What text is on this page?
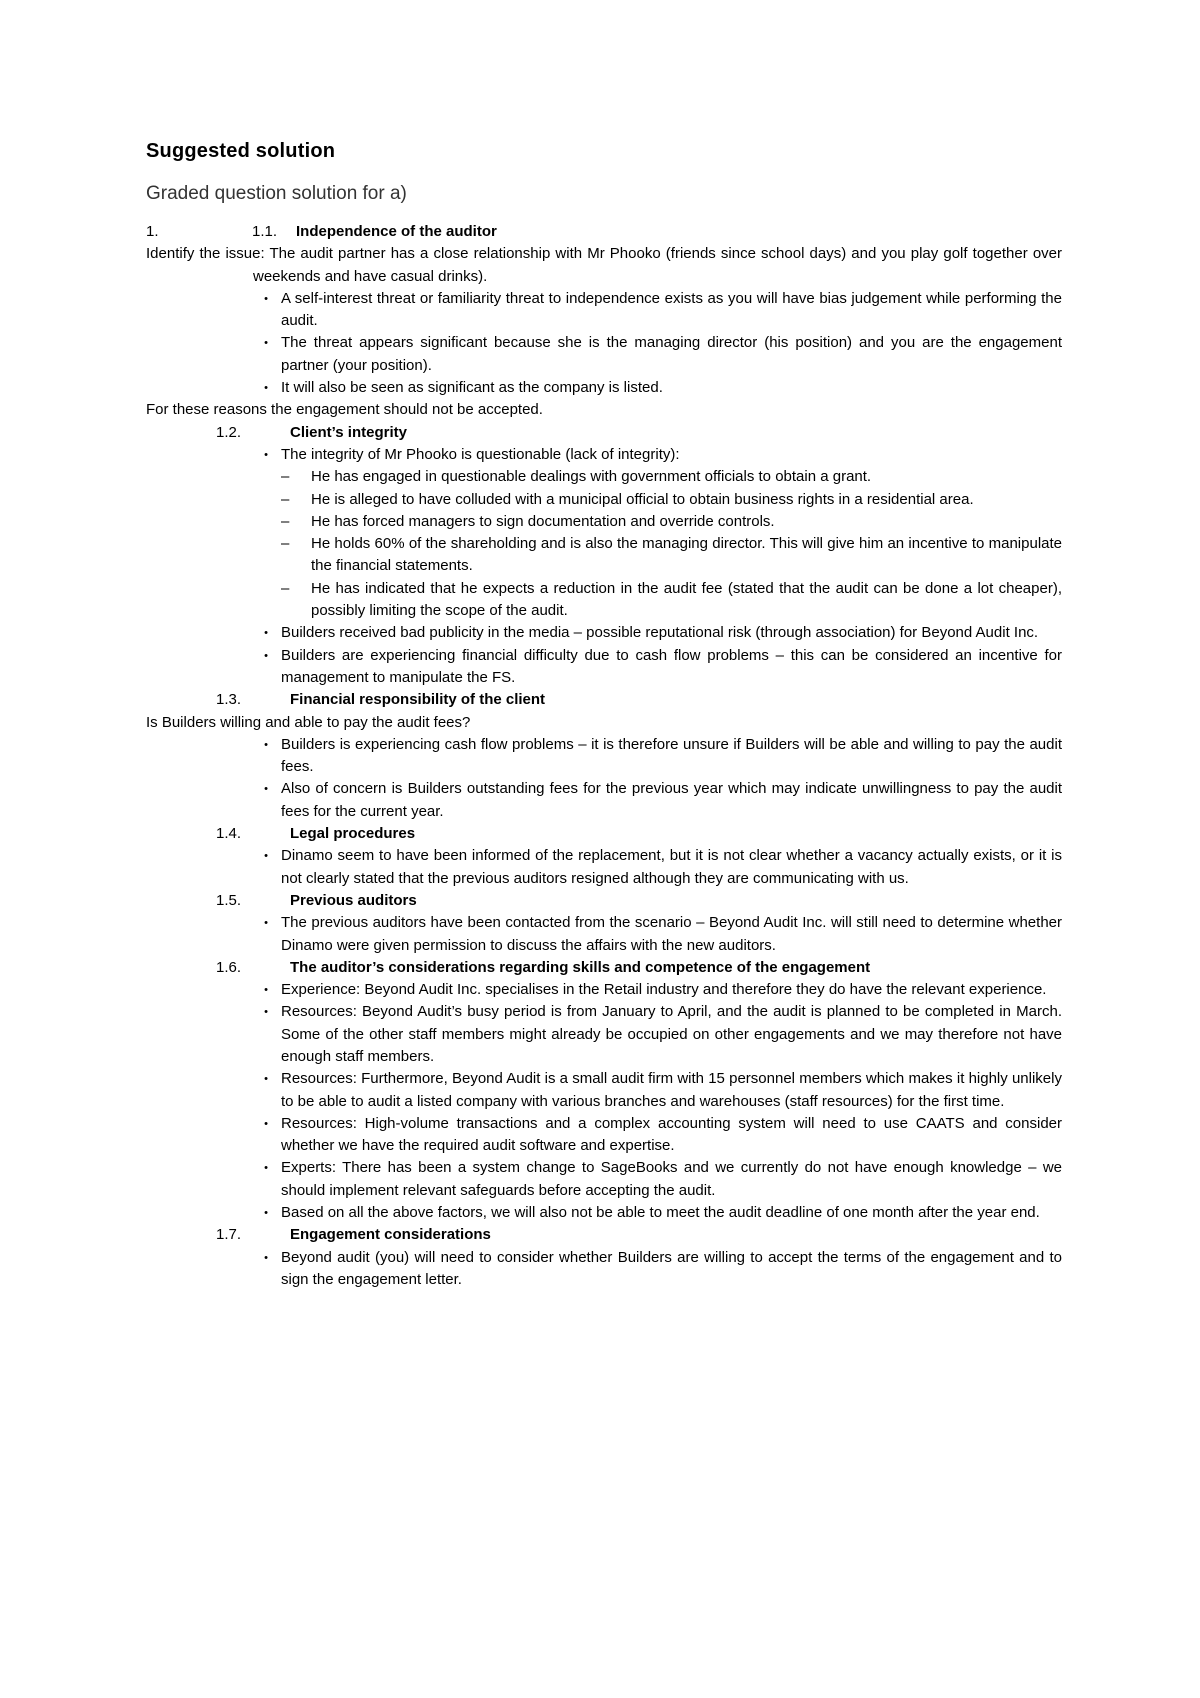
Suggested solution
Graded question solution for a)
1.	1.1.	Independence of the auditor

Identify the issue: The audit partner has a close relationship with Mr Phooko (friends since school days) and you play golf together over weekends and have casual drinks).

• A self-interest threat or familiarity threat to independence exists as you will have bias judgement while performing the audit.
• The threat appears significant because she is the managing director (his position) and you are the engagement partner (your position).
• It will also be seen as significant as the company is listed.

For these reasons the engagement should not be accepted.

1.2.	Client’s integrity
• The integrity of Mr Phooko is questionable (lack of integrity):
–	He has engaged in questionable dealings with government officials to obtain a grant.
–	He is alleged to have colluded with a municipal official to obtain business rights in a residential area.
–	He has forced managers to sign documentation and override controls.
–	He holds 60% of the shareholding and is also the managing director. This will give him an incentive to manipulate the financial statements.
–	He has indicated that he expects a reduction in the audit fee (stated that the audit can be done a lot cheaper), possibly limiting the scope of the audit.
• Builders received bad publicity in the media – possible reputational risk (through association) for Beyond Audit Inc.
• Builders are experiencing financial difficulty due to cash flow problems – this can be considered an incentive for management to manipulate the FS.
1.3.	Financial responsibility of the client

Is Builders willing and able to pay the audit fees?

• Builders is experiencing cash flow problems – it is therefore unsure if Builders will be able and willing to pay the audit fees.
• Also of concern is Builders outstanding fees for the previous year which may indicate unwillingness to pay the audit fees for the current year.
1.4.	Legal procedures
• Dinamo seem to have been informed of the replacement, but it is not clear whether a vacancy actually exists, or it is not clearly stated that the previous auditors resigned although they are communicating with us.
1.5.	Previous auditors
• The previous auditors have been contacted from the scenario – Beyond Audit Inc. will still need to determine whether Dinamo were given permission to discuss the affairs with the new auditors.
1.6.	The auditor’s considerations regarding skills and competence of the engagement
• Experience: Beyond Audit Inc. specialises in the Retail industry and therefore they do have the relevant experience.
• Resources: Beyond Audit’s busy period is from January to April, and the audit is planned to be completed in March. Some of the other staff members might already be occupied on other engagements and we may therefore not have enough staff members.
• Resources: Furthermore, Beyond Audit is a small audit firm with 15 personnel members which makes it highly unlikely to be able to audit a listed company with various branches and warehouses (staff resources) for the first time.
• Resources: High-volume transactions and a complex accounting system will need to use CAATS and consider whether we have the required audit software and expertise.
• Experts: There has been a system change to SageBooks and we currently do not have enough knowledge – we should implement relevant safeguards before accepting the audit.
• Based on all the above factors, we will also not be able to meet the audit deadline of one month after the year end.
1.7.	Engagement considerations
• Beyond audit (you) will need to consider whether Builders are willing to accept the terms of the engagement and to sign the engagement letter.
